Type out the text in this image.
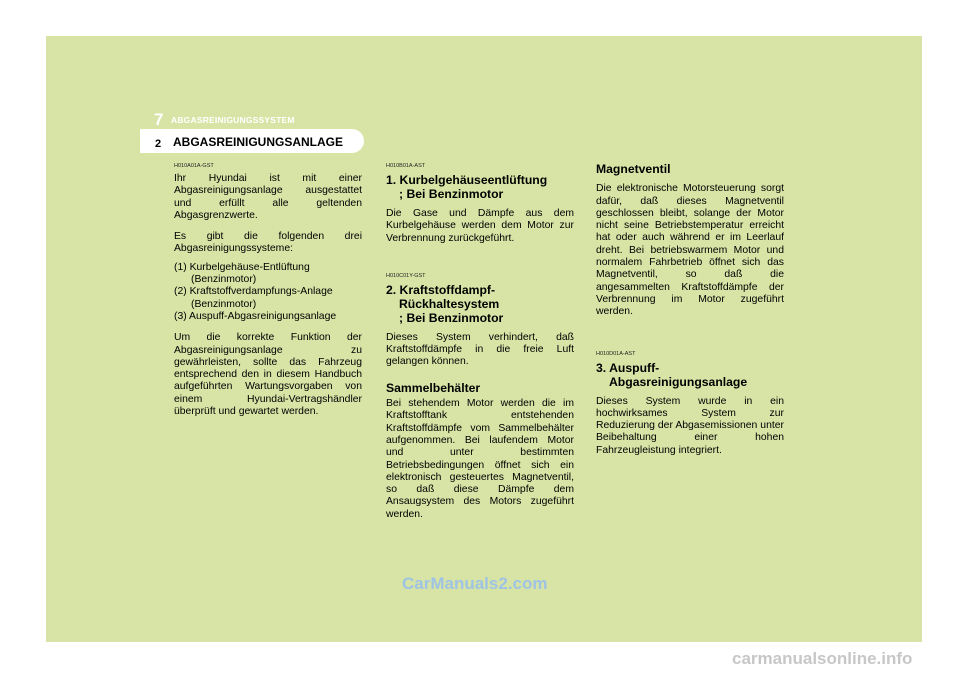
7 ABGASREINIGUNGSSYSTEM
2 ABGASREINIGUNGSANLAGE
H010A01A-GST

Ihr Hyundai ist mit einer Abgasreinigungsanlage ausgestattet und erfüllt alle geltenden Abgasgrenzwerte.

Es gibt die folgenden drei Abgasreinigungssysteme:

(1) Kurbelgehäuse-Entlüftung (Benzinmotor)
(2) Kraftstoffverdampfungs-Anlage (Benzinmotor)
(3) Auspuff-Abgasreinigungsanlage

Um die korrekte Funktion der Abgasreinigungsanlage zu gewährleisten, sollte das Fahrzeug entsprechend den in diesem Handbuch aufgeführten Wartungsvorgaben von einem Hyundai-Vertragshändler überprüft und gewartet werden.

H010B01A-AST
1. Kurbelgehäuseentlüftung
; Bei Benzinmotor

Die Gase und Dämpfe aus dem Kurbelgehäuse werden dem Motor zur Verbrennung zurückgeführt.

H010C01Y-GST
2. Kraftstoffdampf-
Rückhaltesystem
; Bei Benzinmotor

Dieses System verhindert, daß Kraftstoffdämpfe in die freie Luft gelangen können.

Sammelbehälter

Bei stehendem Motor werden die im Kraftstofftank entstehenden Kraftstoffdämpfe vom Sammelbehälter aufgenommen. Bei laufendem Motor und unter bestimmten Betriebsbedingungen öffnet sich ein elektronisch gesteuertes Magnetventil, so daß diese Dämpfe dem Ansaugsystem des Motors zugeführt werden.

Magnetventil

Die elektronische Motorsteuerung sorgt dafür, daß dieses Magnetventil geschlossen bleibt, solange der Motor nicht seine Betriebstemperatur erreicht hat oder auch während er im Leerlauf dreht. Bei betriebswarmem Motor und normalem Fahrbetrieb öffnet sich das Magnetventil, so daß die angesammelten Kraftstoffdämpfe der Verbrennung im Motor zugeführt werden.

H010D01A-AST
3. Auspuff-
Abgasreinigungsanlage

Dieses System wurde in ein hochwirksames System zur Reduzierung der Abgasemissionen unter Beibehaltung einer hohen Fahrzeugleistung integriert.

CarManuals2.com
carmanualsonline.info
